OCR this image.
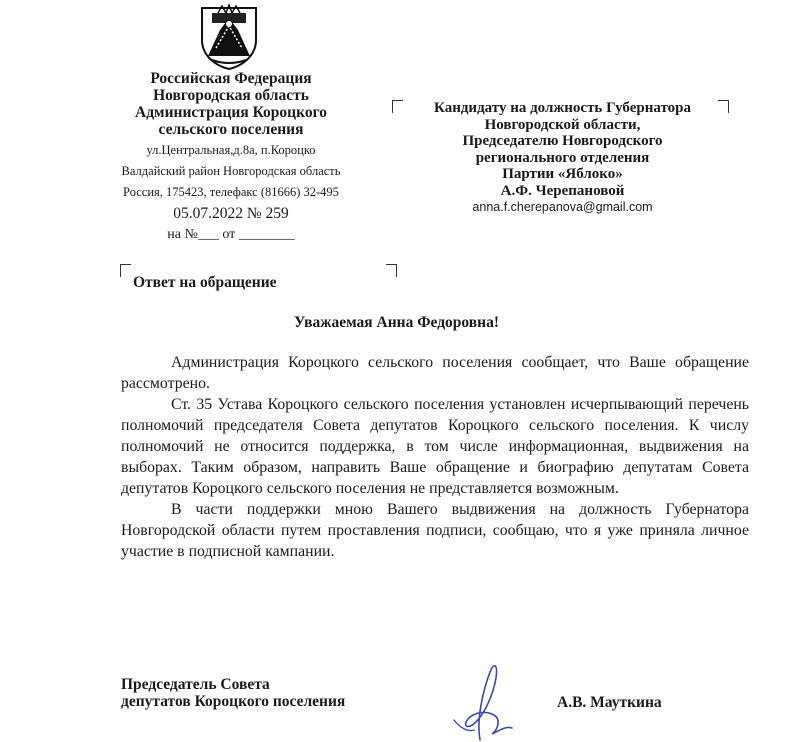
Российская Федерация
Новгородская область
Администрация Короцкого
сельского поселения
ул.Центральная,д.8а, п.Короцко
Валдайский район Новгородская область
Россия, 175423, телефакс (81666) 32-495
05.07.2022 № 259
на №___ от ________
Кандидату на должность Губернатора
Новгородской области,
Председателю Новгородского
регионального отделения
Партии «Яблоко»
А.Ф. Черепановой
anna.f.cherepanova@gmail.com
Ответ на обращение
Уважаемая Анна Федоровна!

Администрация Короцкого сельского поселения сообщает, что Ваше обращение рассмотрено.

Ст. 35 Устава Короцкого сельского поселения установлен исчерпывающий перечень полномочий председателя Совета депутатов Короцкого сельского поселения. К числу полномочий не относится поддержка, в том числе информационная, выдвижения на выборах. Таким образом, направить Ваше обращение и биографию депутатам Совета депутатов Короцкого сельского поселения не представляется возможным.

В части поддержки мною Вашего выдвижения на должность Губернатора Новгородской области путем проставления подписи, сообщаю, что я уже приняла личное участие в подписной кампании.

Председатель Совета
депутатов Короцкого поселения	А.В. Мауткина
